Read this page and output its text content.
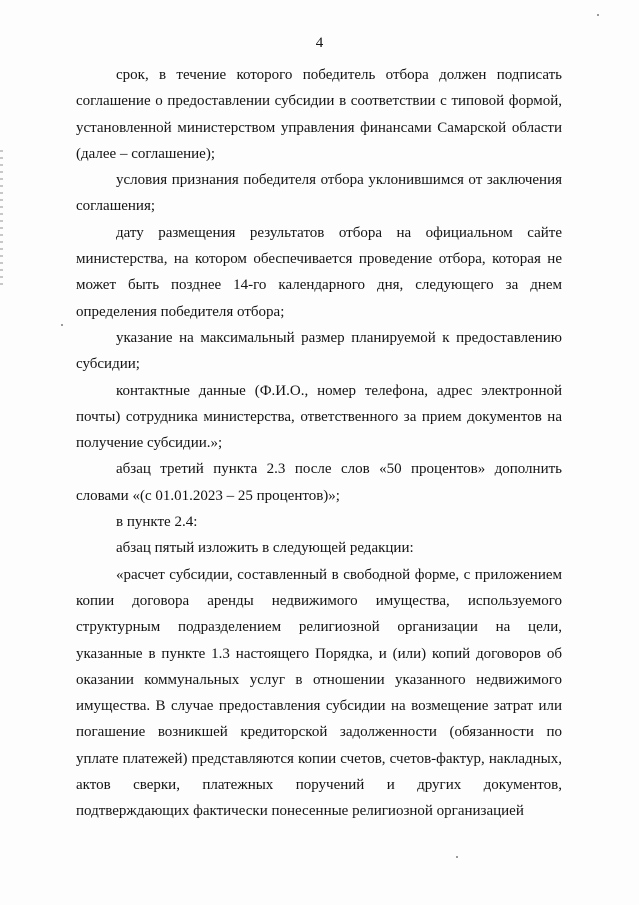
4

срок, в течение которого победитель отбора должен подписать соглашение о предоставлении субсидии в соответствии с типовой формой, установленной министерством управления финансами Самарской области (далее – соглашение);

условия признания победителя отбора уклонившимся от заключения соглашения;

дату размещения результатов отбора на официальном сайте министерства, на котором обеспечивается проведение отбора, которая не может быть позднее 14-го календарного дня, следующего за днем определения победителя отбора;

указание на максимальный размер планируемой к предоставлению субсидии;

контактные данные (Ф.И.О., номер телефона, адрес электронной почты) сотрудника министерства, ответственного за прием документов на получение субсидии.»;

абзац третий пункта 2.3 после слов «50 процентов» дополнить словами «(с 01.01.2023 – 25 процентов)»;

в пункте 2.4:

абзац пятый изложить в следующей редакции:

«расчет субсидии, составленный в свободной форме, с приложением копии договора аренды недвижимого имущества, используемого структурным подразделением религиозной организации на цели, указанные в пункте 1.3 настоящего Порядка, и (или) копий договоров об оказании коммунальных услуг в отношении указанного недвижимого имущества. В случае предоставления субсидии на возмещение затрат или погашение возникшей кредиторской задолженности (обязанности по уплате платежей) представляются копии счетов, счетов-фактур, накладных, актов сверки, платежных поручений и других документов, подтверждающих фактически понесенные религиозной организацией
